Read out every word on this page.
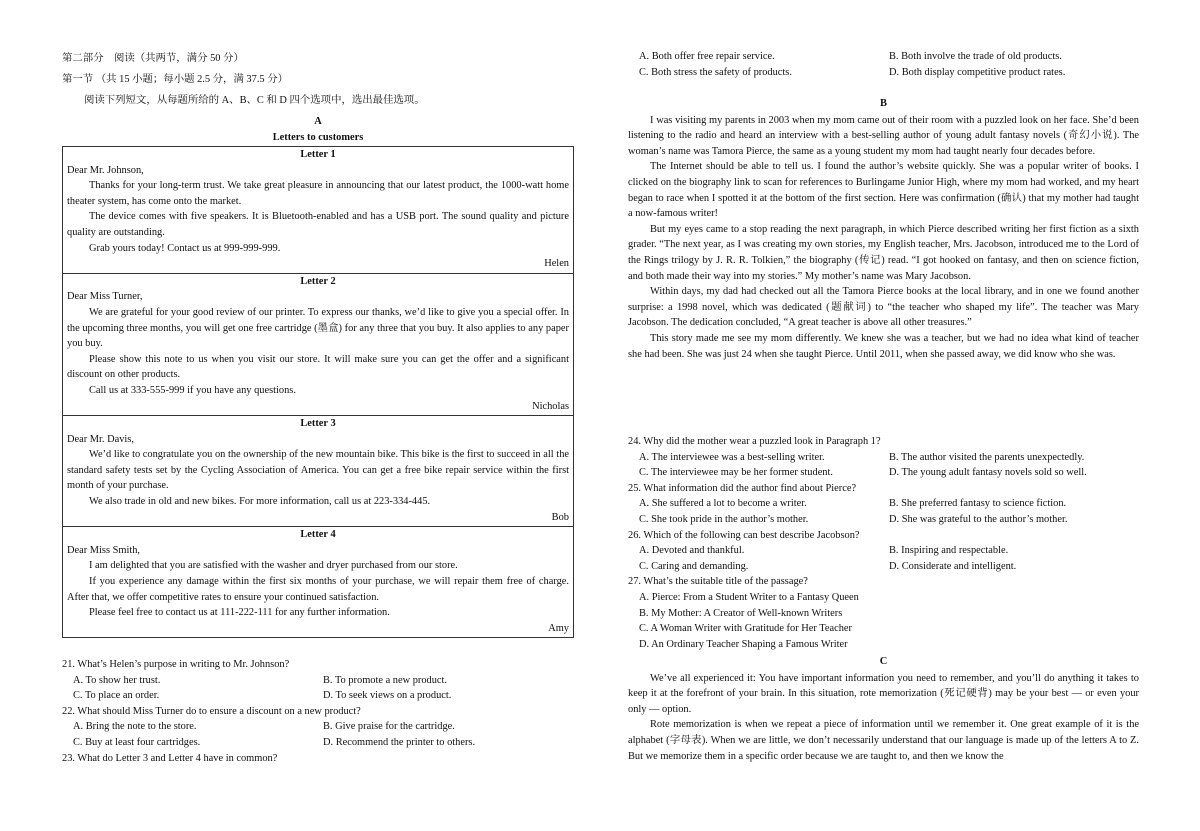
第二部分　阅读（共两节，满分 50 分）
第一节 （共 15 小题；每小题 2.5 分，满 37.5 分）
阅读下列短文，从每题所给的 A、B、C 和 D 四个选项中，选出最佳选项。
A
Letters to customers
Letter 1
Dear Mr. Johnson,

Thanks for your long-term trust. We take great pleasure in announcing that our latest product, the 1000-watt home theater system, has come onto the market.

The device comes with five speakers. It is Bluetooth-enabled and has a USB port. The sound quality and picture quality are outstanding.

Grab yours today! Contact us at 999-999-999.

Helen
Letter 2
Dear Miss Turner,

We are grateful for your good review of our printer. To express our thanks, we’d like to give you a special offer. In the upcoming three months, you will get one free cartridge (墨盒) for any three that you buy. It also applies to any paper you buy.

Please show this note to us when you visit our store. It will make sure you can get the offer and a significant discount on other products.

Call us at 333-555-999 if you have any questions.

Nicholas
Letter 3
Dear Mr. Davis,

We’d like to congratulate you on the ownership of the new mountain bike. This bike is the first to succeed in all the standard safety tests set by the Cycling Association of America. You can get a free bike repair service within the first month of your purchase.

We also trade in old and new bikes. For more information, call us at 223-334-445.

Bob
Letter 4
Dear Miss Smith,

I am delighted that you are satisfied with the washer and dryer purchased from our store.

If you experience any damage within the first six months of your purchase, we will repair them free of charge. After that, we offer competitive rates to ensure your continued satisfaction.

Please feel free to contact us at 111-222-111 for any further information.

Amy
21. What’s Helen’s purpose in writing to Mr. Johnson?
A. To show her trust.	B. To promote a new product.
C. To place an order.	D. To seek views on a product.
22. What should Miss Turner do to ensure a discount on a new product?
A. Bring the note to the store.	B. Give praise for the cartridge.
C. Buy at least four cartridges.	D. Recommend the printer to others.
23. What do Letter 3 and Letter 4 have in common?
A. Both offer free repair service.	B. Both involve the trade of old products.
C. Both stress the safety of products.	D. Both display competitive product rates.
B

I was visiting my parents in 2003 when my mom came out of their room with a puzzled look on her face. She’d been listening to the radio and heard an interview with a best-selling author of young adult fantasy novels (奇幻小说). The woman’s name was Tamora Pierce, the same as a young student my mom had taught nearly four decades before.

The Internet should be able to tell us. I found the author’s website quickly. She was a popular writer of books. I clicked on the biography link to scan for references to Burlingame Junior High, where my mom had worked, and my heart began to race when I spotted it at the bottom of the first section. Here was confirmation (确认) that my mother had taught a now-famous writer!

But my eyes came to a stop reading the next paragraph, in which Pierce described writing her first fiction as a sixth grader. “The next year, as I was creating my own stories, my English teacher, Mrs. Jacobson, introduced me to the Lord of the Rings trilogy by J. R. R. Tolkien,” the biography (传记) read. “I got hooked on fantasy, and then on science fiction, and both made their way into my stories.” My mother’s name was Mary Jacobson.

Within days, my dad had checked out all the Tamora Pierce books at the local library, and in one we found another surprise: a 1998 novel, which was dedicated (题献词) to “the teacher who shaped my life”. The teacher was Mary Jacobson. The dedication concluded, “A great teacher is above all other treasures.”

This story made me see my mom differently. We knew she was a teacher, but we had no idea what kind of teacher she had been. She was just 24 when she taught Pierce. Until 2011, when she passed away, we did know who she was.

24. Why did the mother wear a puzzled look in Paragraph 1?
A. The interviewee was a best-selling writer.	B. The author visited the parents unexpectedly.
C. The interviewee may be her former student.	D. The young adult fantasy novels sold so well.
25. What information did the author find about Pierce?
A. She suffered a lot to become a writer.	B. She preferred fantasy to science fiction.
C. She took pride in the author’s mother.	D. She was grateful to the author’s mother.
26. Which of the following can best describe Jacobson?
A. Devoted and thankful.	B. Inspiring and respectable.
C. Caring and demanding.	D. Considerate and intelligent.
27. What’s the suitable title of the passage?
A. Pierce: From a Student Writer to a Fantasy Queen
B. My Mother: A Creator of Well-known Writers
C. A Woman Writer with Gratitude for Her Teacher
D. An Ordinary Teacher Shaping a Famous Writer
C

We’ve all experienced it: You have important information you need to remember, and you’ll do anything it takes to keep it at the forefront of your brain. In this situation, rote memorization (死记硬背) may be your best — or even your only — option.

Rote memorization is when we repeat a piece of information until we remember it. One great example of it is the alphabet (字母表). When we are little, we don’t necessarily understand that our language is made up of the letters A to Z. But we memorize them in a specific order because we are taught to, and then we know the
